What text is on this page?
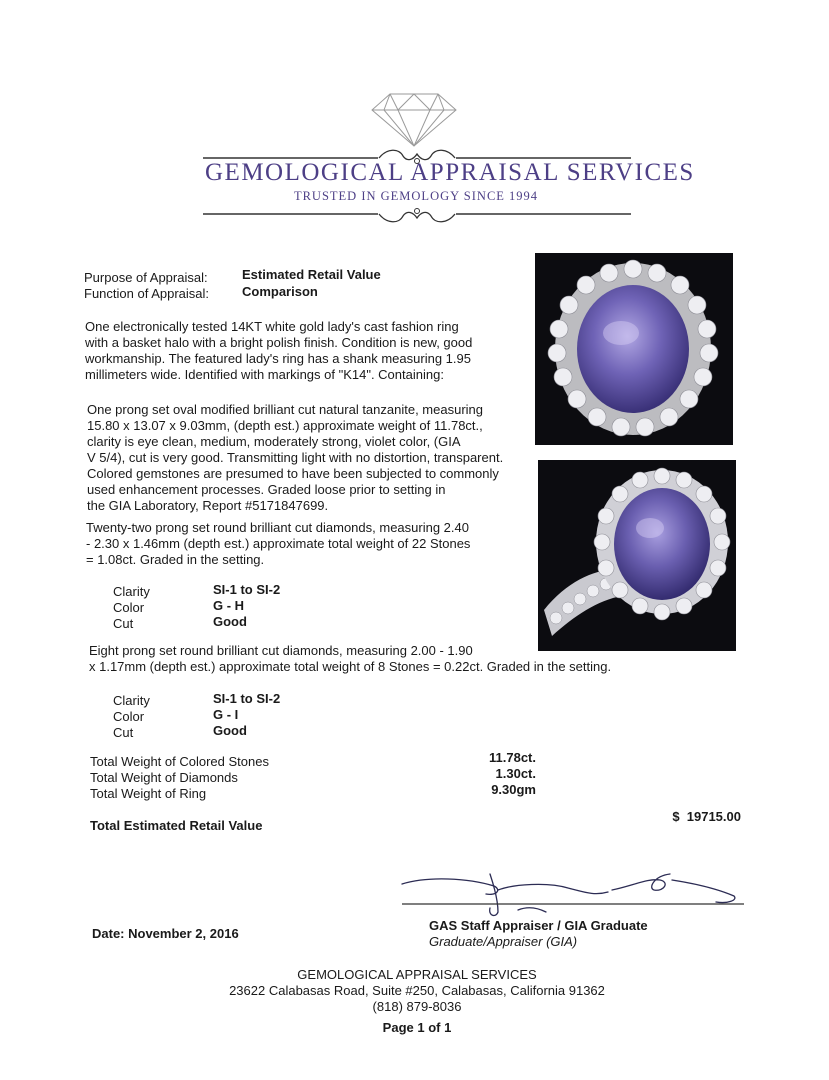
GEMOLOGICAL APPRAISAL SERVICES
TRUSTED IN GEMOLOGY SINCE 1994
Purpose of Appraisal:	Estimated Retail Value
Function of Appraisal:	Comparison
One electronically tested 14KT white gold lady's cast fashion ring
with a basket halo with a bright polish finish. Condition is new, good
workmanship. The featured lady's ring has a shank measuring 1.95
millimeters wide. Identified with markings of "K14". Containing:
One prong set oval modified brilliant cut natural tanzanite, measuring
15.80 x 13.07 x 9.03mm, (depth est.) approximate weight of 11.78ct.,
clarity is eye clean, medium, moderately strong, violet color, (GIA
V 5/4), cut is very good. Transmitting light with no distortion, transparent.
Colored gemstones are presumed to have been subjected to commonly
used enhancement processes. Graded loose prior to setting in
the GIA Laboratory, Report #5171847699.
Twenty-two prong set round brilliant cut diamonds, measuring 2.40
- 2.30 x 1.46mm (depth est.) approximate total weight of 22 Stones
= 1.08ct. Graded in the setting.
Clarity	SI-1 to SI-2
Color	G - H
Cut	Good
Eight prong set round brilliant cut diamonds, measuring 2.00 - 1.90
x 1.17mm (depth est.) approximate total weight of 8 Stones = 0.22ct. Graded in the setting.
Clarity	SI-1 to SI-2
Color	G - I
Cut	Good
Total Weight of Colored Stones	11.78ct.
Total Weight of Diamonds	1.30ct.
Total Weight of Ring	9.30gm
Total Estimated Retail Value
$  19715.00
Date: November 2, 2016
GAS Staff Appraiser / GIA Graduate
Graduate/Appraiser (GIA)
GEMOLOGICAL APPRAISAL SERVICES
23622 Calabasas Road, Suite #250, Calabasas, California 91362
(818) 879-8036
Page 1 of 1
